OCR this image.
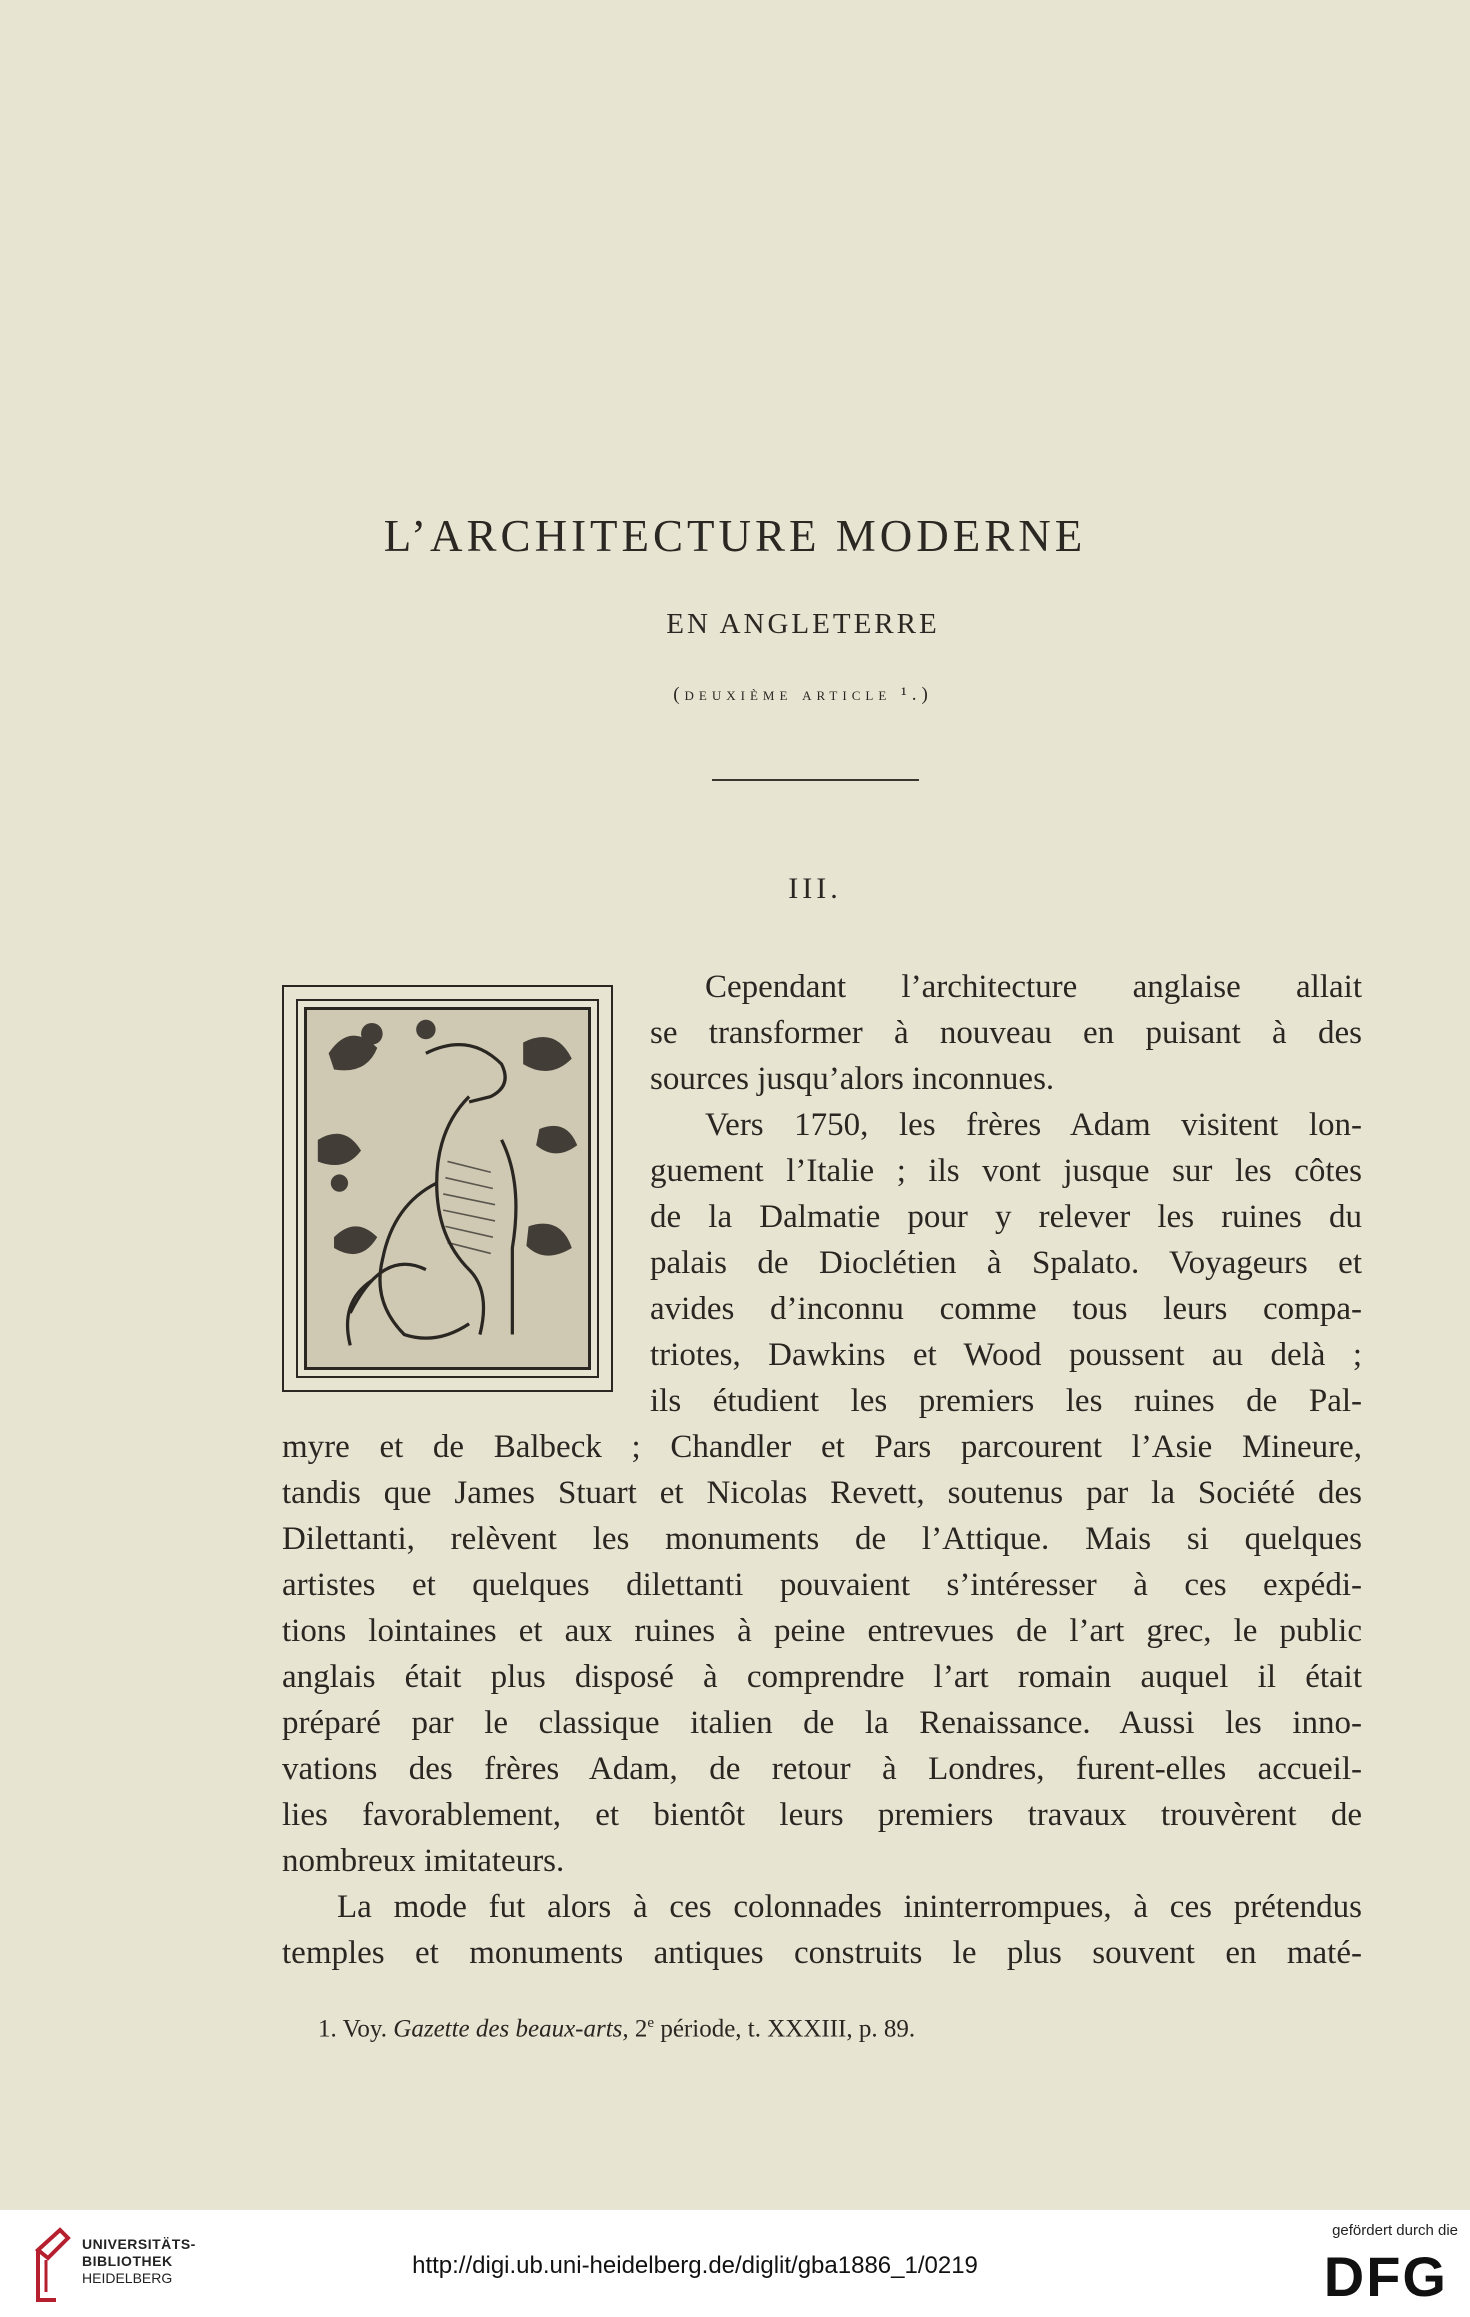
L’ARCHITECTURE MODERNE
EN ANGLETERRE
(deuxième article ¹.)
III.
Cependant l’architecture anglaise allait
se transformer à nouveau en puisant à des
sources jusqu’alors inconnues.
Vers 1750, les frères Adam visitent lon-
guement l’Italie ; ils vont jusque sur les côtes
de la Dalmatie pour y relever les ruines du
palais de Dioclétien à Spalato. Voyageurs et
avides d’inconnu comme tous leurs compa-
triotes, Dawkins et Wood poussent au delà ;
ils étudient les premiers les ruines de Pal-
myre et de Balbeck ; Chandler et Pars parcourent l’Asie Mineure,
tandis que James Stuart et Nicolas Revett, soutenus par la Société des
Dilettanti, relèvent les monuments de l’Attique. Mais si quelques
artistes et quelques dilettanti pouvaient s’intéresser à ces expédi-
tions lointaines et aux ruines à peine entrevues de l’art grec, le public
anglais était plus disposé à comprendre l’art romain auquel il était
préparé par le classique italien de la Renaissance. Aussi les inno-
vations des frères Adam, de retour à Londres, furent-elles accueil-
lies favorablement, et bientôt leurs premiers travaux trouvèrent de
nombreux imitateurs.
La mode fut alors à ces colonnades ininterrompues, à ces prétendus
temples et monuments antiques construits le plus souvent en maté-
1. Voy. Gazette des beaux-arts, 2e période, t. XXXIII, p. 89.
UNIVERSITÄTS-
BIBLIOTHEK
HEIDELBERG	http://digi.ub.uni-heidelberg.de/diglit/gba1886_1/0219
gefördert durch die
DFG
